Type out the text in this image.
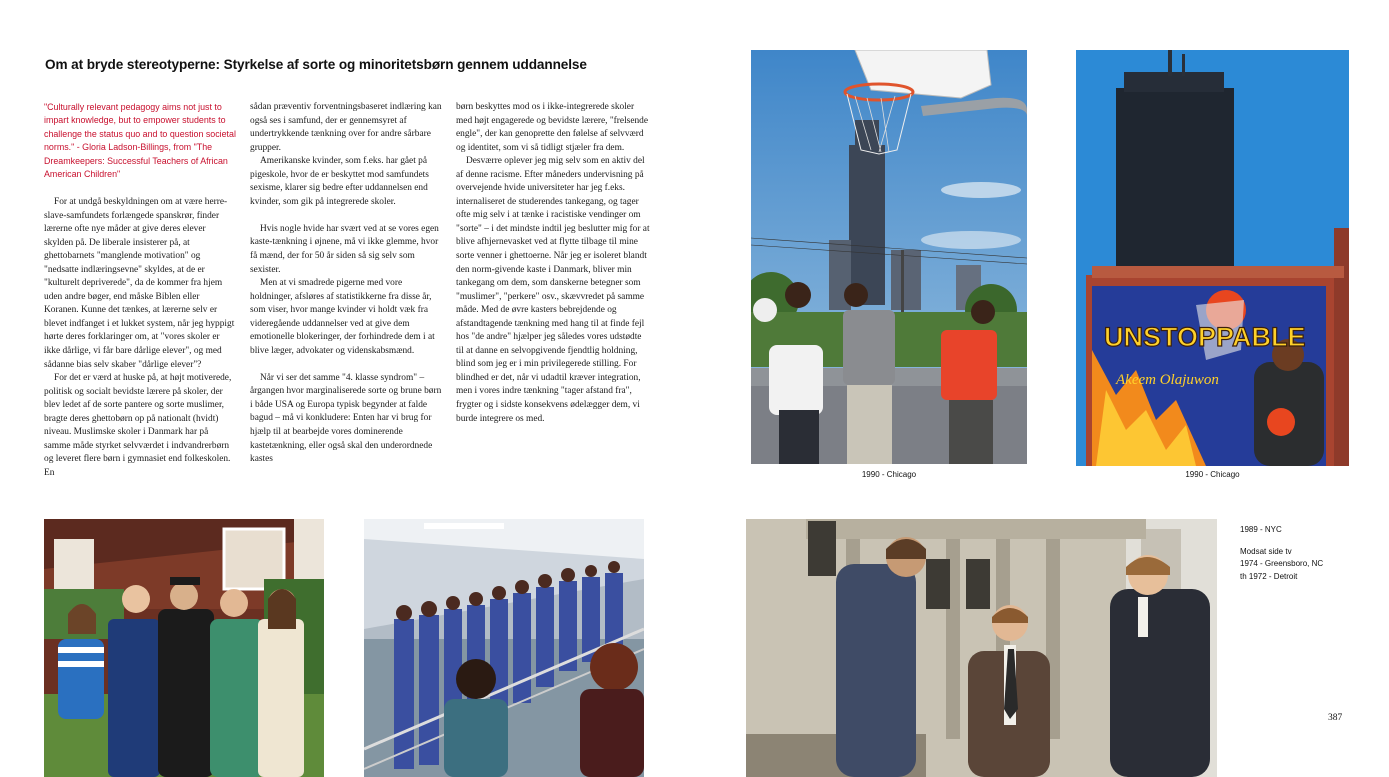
Om at bryde stereotyperne: Styrkelse af sorte og minoritetsbørn gennem uddannelse
"Culturally relevant pedagogy aims not just to impart knowledge, but to empower students to challenge the status quo and to question societal norms." - Gloria Ladson-Billings, from "The Dreamkeepers: Successful Teachers of African American Children"

For at undgå beskyldningen om at være herre-slave-samfundets forlængede spanskrør, finder lærerne ofte nye måder at give deres elever skylden på. De liberale insisterer på, at ghettobarnets "manglende motivation" og "nedsatte indlæringsevne" skyldes, at de er "kulturelt depriverede", da de kommer fra hjem uden andre bøger, end måske Biblen eller Koranen. Kunne det tænkes, at lærerne selv er blevet indfanget i et lukket system, når jeg hyppigt hørte deres forklaringer om, at "vores skoler er ikke dårlige, vi får bare dårlige elever", og med sådanne bias selv skaber "dårlige elever"?

For det er værd at huske på, at højt motiverede, politisk og socialt bevidste lærere på skoler, der blev ledet af de sorte pantere og sorte muslimer, bragte deres ghettobørn op på nationalt (hvidt) niveau. Muslimske skoler i Danmark har på samme måde styrket selvværdet i indvandrerbørn og leveret flere børn i gymnasiet end folkeskolen. En

sådan præventiv forventningsbaseret indlæring kan også ses i samfund, der er gennemsyret af undertrykkende tænkning over for andre sårbare grupper.

Amerikanske kvinder, som f.eks. har gået på pigeskole, hvor de er beskyttet mod samfundets sexisme, klarer sig bedre efter uddannelsen end kvinder, som gik på integrerede skoler.

Hvis nogle hvide har svært ved at se vores egen kaste-tænkning i øjnene, må vi ikke glemme, hvor få mænd, der for 50 år siden så sig selv som sexister.

Men at vi smadrede pigerne med vore holdninger, afsløres af statistikkerne fra disse år, som viser, hvor mange kvinder vi holdt væk fra videregående uddannelser ved at give dem emotionelle blokeringer, der forhindrede dem i at blive læger, advokater og videnskabsmænd.

Når vi ser det samme "4. klasse syndrom" – årgangen hvor marginaliserede sorte og brune børn i både USA og Europa typisk begynder at falde bagud – må vi konkludere: Enten har vi brug for hjælp til at bearbejde vores dominerende kastetænkning, eller også skal den underordnede kastes

børn beskyttes mod os i ikke-integrerede skoler med højt engagerede og bevidste lærere, "frelsende engle", der kan genoprette den følelse af selvværd og identitet, som vi så tidligt stjæler fra dem.

Desværre oplever jeg mig selv som en aktiv del af denne racisme. Efter måneders undervisning på overvejende hvide universiteter har jeg f.eks. internaliseret de studerendes tankegang, og tager ofte mig selv i at tænke i racistiske vendinger om "sorte" – i det mindste indtil jeg beslutter mig for at blive afhjernevasket ved at flytte tilbage til mine sorte venner i ghettoerne. Når jeg er isoleret blandt den norm-givende kaste i Danmark, bliver min tankegang om dem, som danskerne betegner som "muslimer", "perkere" osv., skævvredet på samme måde. Med de øvre kasters bebrejdende og afstandtagende tænkning med hang til at finde fejl hos "de andre" hjælper jeg således vores udstødte til at danne en selvopgivende fjendtlig holdning, blind som jeg er i min privilegerede stilling. For blindhed er det, når vi udadtil kræver integration, men i vores indre tænkning "tager afstand fra", frygter og i sidste konsekvens ødelægger dem, vi burde integrere os med.

1990 - Chicago
UNSTOPPABLE
Akeem Olajuwon
1990 - Chicago
1989 - NYC
Modsat side tv
1974 - Greensboro, NC
th 1972 - Detroit
387
